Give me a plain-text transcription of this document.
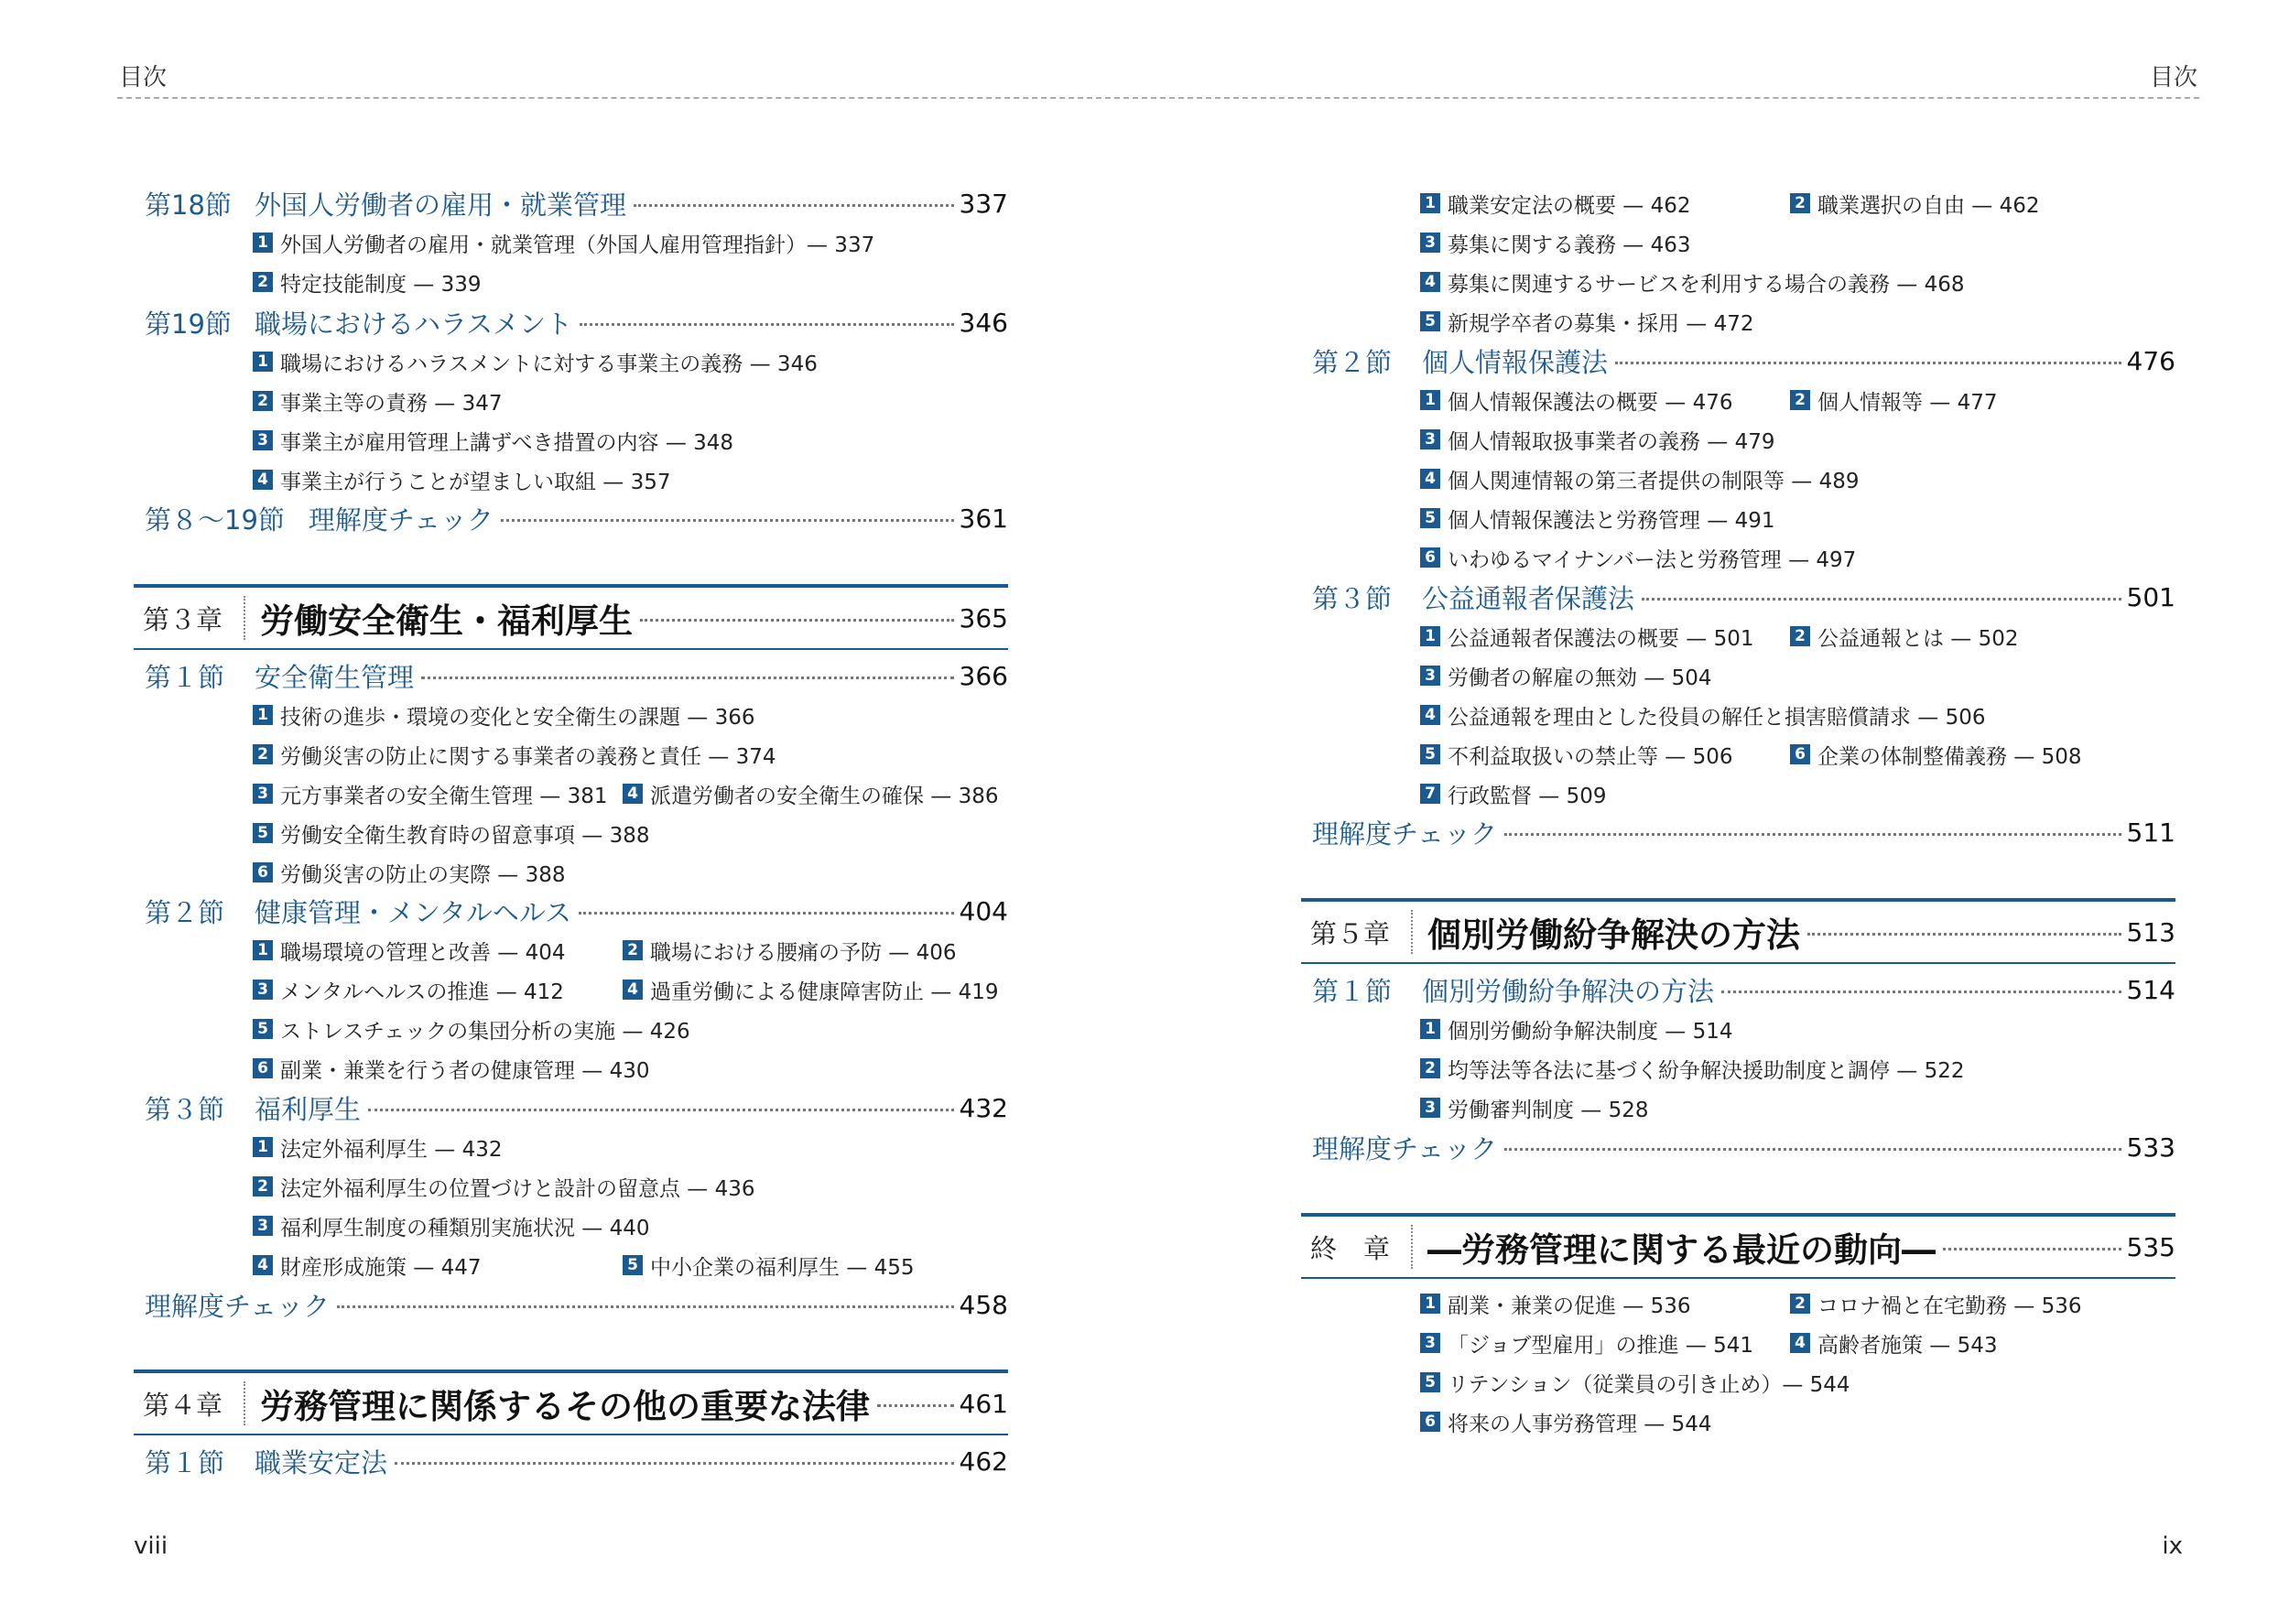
目次	目次
第18節 外国人労働者の雇用・就業管理	337
1 外国人労働者の雇用・就業管理（外国人雇用管理指針）— 337
2 特定技能制度 — 339
第19節 職場におけるハラスメント	346
1 職場におけるハラスメントに対する事業主の義務 — 346
2 事業主等の責務 — 347
3 事業主が雇用管理上講ずべき措置の内容 — 348
4 事業主が行うことが望ましい取組 — 357
第８〜19節 理解度チェック	361
第３章	労働安全衛生・福利厚生	365
第１節	安全衛生管理	366
1 技術の進歩・環境の変化と安全衛生の課題 — 366
2 労働災害の防止に関する事業者の義務と責任 — 374
3 元方事業者の安全衛生管理 — 381 4 派遣労働者の安全衛生の確保 — 386
5 労働安全衛生教育時の留意事項 — 388
6 労働災害の防止の実際 — 388
第２節	健康管理・メンタルヘルス	404
1 職場環境の管理と改善 — 404	2 職場における腰痛の予防 — 406
3 メンタルヘルスの推進 — 412	4 過重労働による健康障害防止 — 419
5 ストレスチェックの集団分析の実施 — 426
6 副業・兼業を行う者の健康管理 — 430
第３節	福利厚生	432
1 法定外福利厚生 — 432
2 法定外福利厚生の位置づけと設計の留意点 — 436
3 福利厚生制度の種類別実施状況 — 440
4 財産形成施策 — 447	5 中小企業の福利厚生 — 455
理解度チェック	458
第４章	労務管理に関係するその他の重要な法律	461
第１節	職業安定法	462
1 職業安定法の概要 — 462	2 職業選択の自由 — 462
3 募集に関する義務 — 463
4 募集に関連するサービスを利用する場合の義務 — 468
5 新規学卒者の募集・採用 — 472
第２節	個人情報保護法	476
1 個人情報保護法の概要 — 476	2 個人情報等 — 477
3 個人情報取扱事業者の義務 — 479
4 個人関連情報の第三者提供の制限等 — 489
5 個人情報保護法と労務管理 — 491
6 いわゆるマイナンバー法と労務管理 — 497
第３節	公益通報者保護法	501
1 公益通報者保護法の概要 — 501	2 公益通報とは — 502
3 労働者の解雇の無効 — 504
4 公益通報を理由とした役員の解任と損害賠償請求 — 506
5 不利益取扱いの禁止等 — 506	6 企業の体制整備義務 — 508
7 行政監督 — 509
理解度チェック	511
第５章	個別労働紛争解決の方法	513
第１節	個別労働紛争解決の方法	514
1 個別労働紛争解決制度 — 514
2 均等法等各法に基づく紛争解決援助制度と調停 — 522
3 労働審判制度 — 528
理解度チェック	533
終　章	―労務管理に関する最近の動向―	535
1 副業・兼業の促進 — 536	2 コロナ禍と在宅勤務 — 536
3 「ジョブ型雇用」の推進 — 541	4 高齢者施策 — 543
5 リテンション（従業員の引き止め）— 544
6 将来の人事労務管理 — 544
viii	ix
